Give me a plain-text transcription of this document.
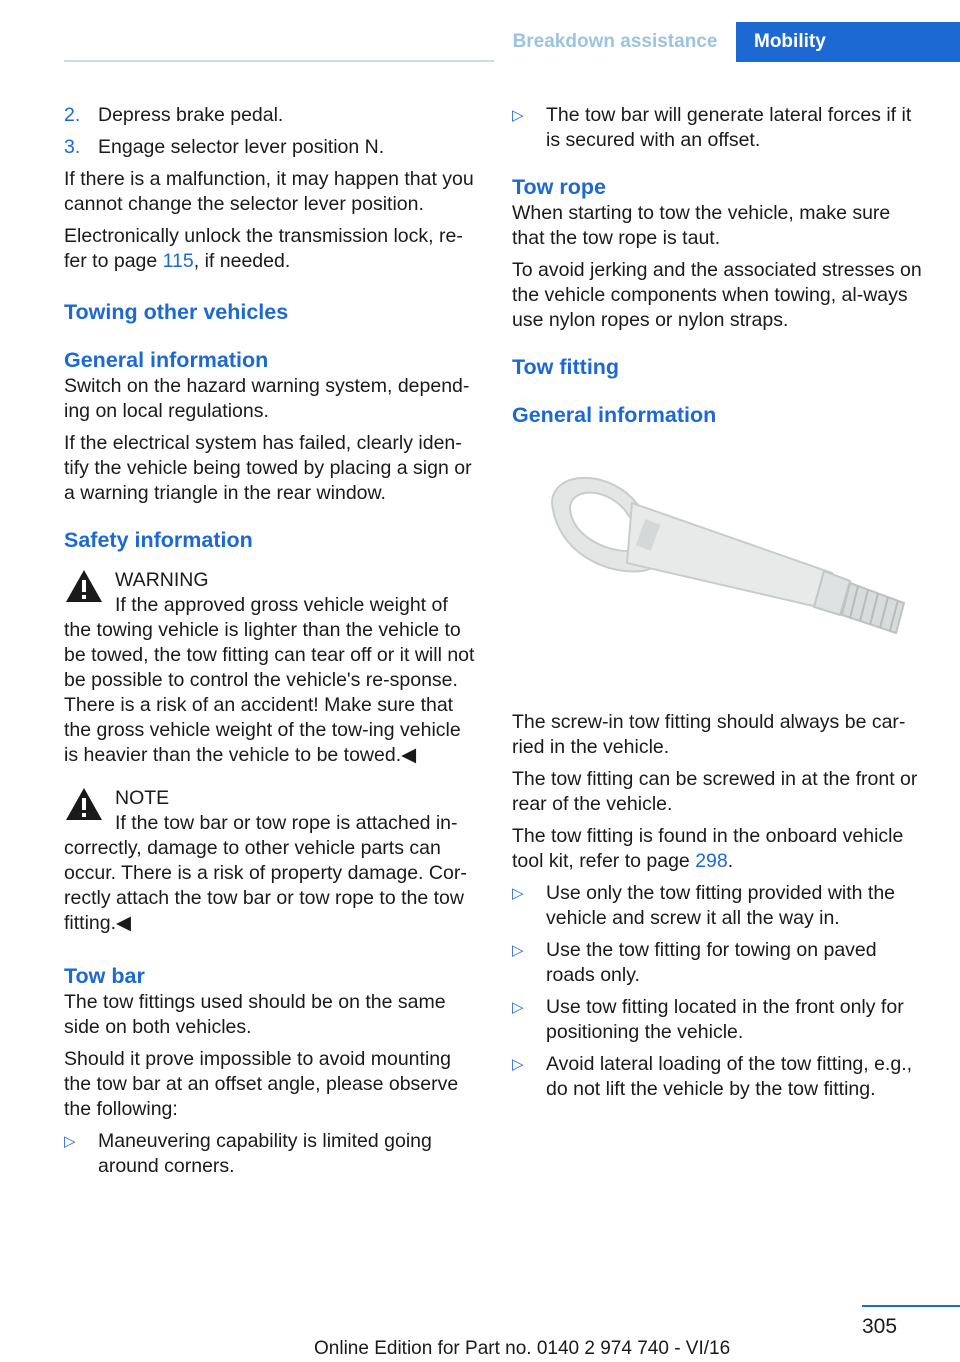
Breakdown assistance	Mobility
2. Depress brake pedal.
3. Engage selector lever position N.

If there is a malfunction, it may happen that you cannot change the selector lever position.

Electronically unlock the transmission lock, re‐fer to page 115, if needed.

Towing other vehicles
General information

Switch on the hazard warning system, depend‐ing on local regulations.

If the electrical system has failed, clearly iden‐tify the vehicle being towed by placing a sign or a warning triangle in the rear window.

Safety information

WARNING

If the approved gross vehicle weight of the towing vehicle is lighter than the vehicle to be towed, the tow fitting can tear off or it will not be possible to control the vehicle's re‐sponse. There is a risk of an accident! Make sure that the gross vehicle weight of the tow‐ing vehicle is heavier than the vehicle to be towed.◀

NOTE

If the tow bar or tow rope is attached in‐correctly, damage to other vehicle parts can occur. There is a risk of property damage. Cor‐rectly attach the tow bar or tow rope to the tow fitting.◀

Tow bar

The tow fittings used should be on the same side on both vehicles.

Should it prove impossible to avoid mounting the tow bar at an offset angle, please observe the following:

▷	Maneuvering capability is limited going around corners.
▷	The tow bar will generate lateral forces if it is secured with an offset.
Tow rope

When starting to tow the vehicle, make sure that the tow rope is taut.

To avoid jerking and the associated stresses on the vehicle components when towing, al‐ways use nylon ropes or nylon straps.

Tow fitting
General information

The screw-in tow fitting should always be car‐ried in the vehicle.

The tow fitting can be screwed in at the front or rear of the vehicle.

The tow fitting is found in the onboard vehicle tool kit, refer to page 298.

▷	Use only the tow fitting provided with the vehicle and screw it all the way in.
▷	Use the tow fitting for towing on paved roads only.
▷	Use tow fitting located in the front only for positioning the vehicle.
▷	Avoid lateral loading of the tow fitting, e.g., do not lift the vehicle by the tow fitting.
305
Online Edition for Part no. 0140 2 974 740 - VI/16
